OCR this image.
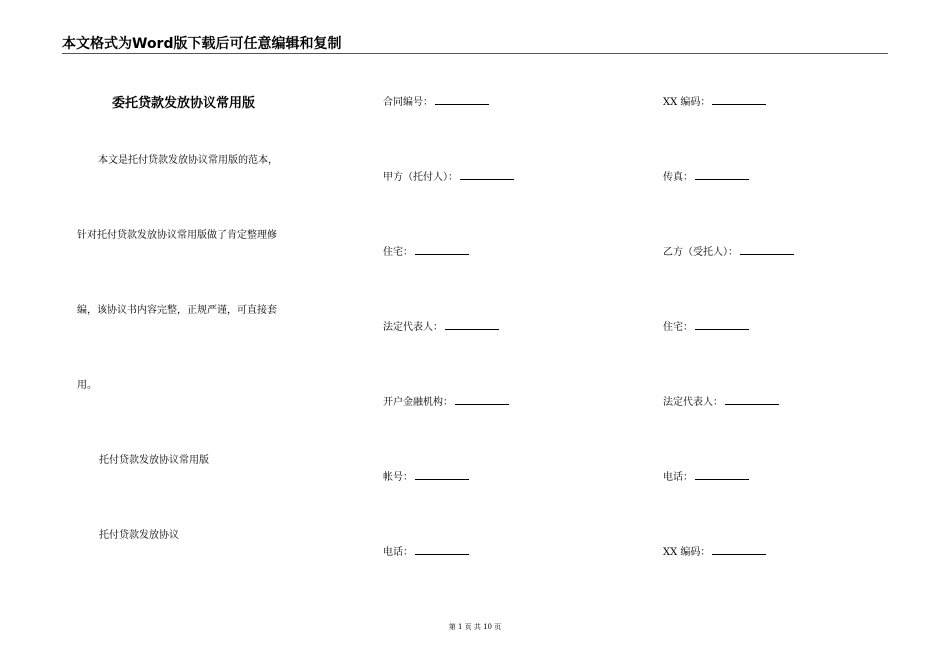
本文格式为Word版下载后可任意编辑和复制
委托贷款发放协议常用版
本文是托付贷款发放协议常用版的范本，
针对托付贷款发放协议常用版做了肯定整理修
编，该协议书内容完整，正规严谨，可直接套
用。
托付贷款发放协议常用版
托付贷款发放协议
合同编号：
甲方（托付人）：
住宅：
法定代表人：
开户金融机构：
帐号：
电话：
XX 编码：
传真：
乙方（受托人）：
住宅：
法定代表人：
电话：
XX 编码：
第 1 页 共 10 页
